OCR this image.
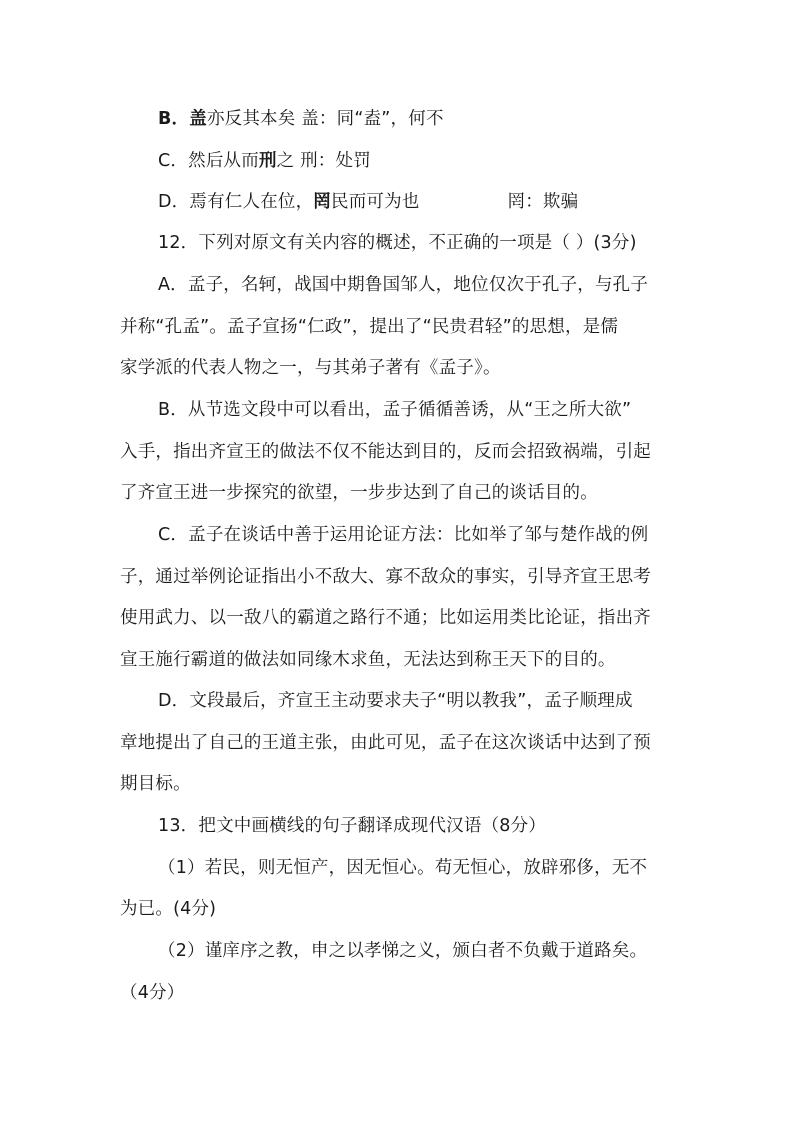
B．盖亦反其本矣 盖：同“盍”，何不
C．然后从而刑之 刑：处罚
D．焉有仁人在位，罔民而可为也	罔：欺骗
12．下列对原文有关内容的概述，不正确的一项是（ ）(3分)
A．孟子，名轲，战国中期鲁国邹人，地位仅次于孔子，与孔子
并称“孔孟”。孟子宣扬“仁政”，提出了“民贵君轻”的思想，是儒
家学派的代表人物之一，与其弟子著有《孟子》。
B．从节选文段中可以看出，孟子循循善诱，从“王之所大欲”
入手，指出齐宣王的做法不仅不能达到目的，反而会招致祸端，引起
了齐宣王进一步探究的欲望，一步步达到了自己的谈话目的。
C．孟子在谈话中善于运用论证方法：比如举了邹与楚作战的例
子，通过举例论证指出小不敌大、寡不敌众的事实，引导齐宣王思考
使用武力、以一敌八的霸道之路行不通；比如运用类比论证，指出齐
宣王施行霸道的做法如同缘木求鱼，无法达到称王天下的目的。
D．文段最后，齐宣王主动要求夫子“明以教我”，孟子顺理成
章地提出了自己的王道主张，由此可见，孟子在这次谈话中达到了预
期目标。
13．把文中画横线的句子翻译成现代汉语（8分）
（1）若民，则无恒产，因无恒心。苟无恒心，放辟邪侈，无不
为已。(4分)
（2）谨庠序之教，申之以孝悌之义，颁白者不负戴于道路矣。
（4分）
